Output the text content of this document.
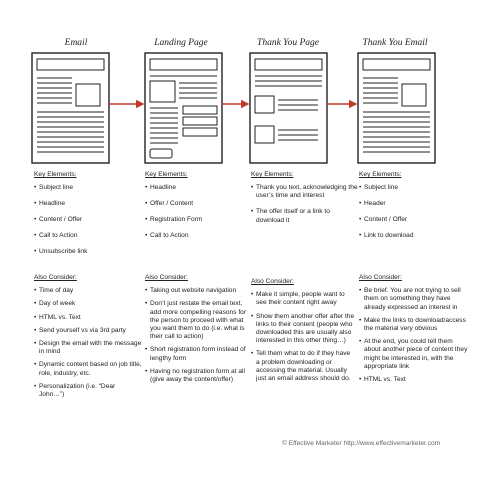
Email	Landing Page	Thank You Page	Thank You Email
Key Elements:
• Subject line
• Headline
• Content / Offer
• Call to Action
• Unsubscribe link
Key Elements:
• Headline
• Offer / Content
• Registration Form
• Call to Action
Key Elements:
• Thank you text, acknowledging the user’s time and interest
• The offer itself or a link to download it
Key Elements:
• Subject line
• Header
• Content / Offer
• Link to download
Also Consider:
• Time of day
• Day of week
• HTML vs. Text
• Send yourself vs via 3rd party
• Design the email with the message in mind
• Dynamic content based on job title, role, industry, etc.
• Personalization (i.e. “Dear John…”)
Also Consider:
• Taking out website navigation
• Don’t just restate the email text, add more compelling reasons for the person to proceed with what you want them to do (i.e. what is their call to action)
• Short registration form instead of lengthy form
• Having no registration form at all (give away the content/offer)
Also Consider:
• Make it simple, people want to see their content right away
• Show them another offer after the links to their content (people who downloaded this are usually also interested in this other thing…)
• Tell them what to do if they have a problem downloading or accessing the material. Usually just an email address should do.
Also Consider:
• Be brief. You are not trying to sell them on something they have already expressed an interest in
• Make the links to download/access the material very obvious
• At the end, you could tell them about another piece of content they might be interested in, with the appropriate link
• HTML vs. Text
© Effective Marketer http://www.effectivemarketer.com
